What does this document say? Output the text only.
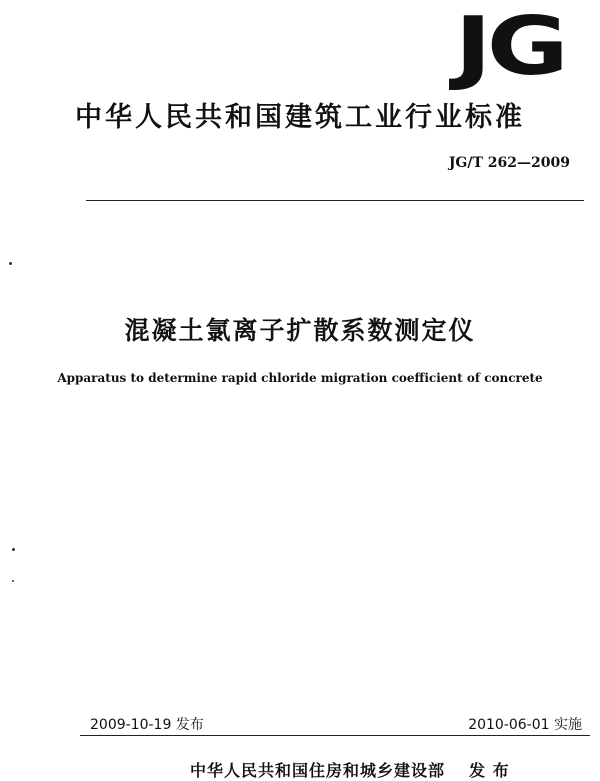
JG
中华人民共和国建筑工业行业标准
JG/T 262—2009
混凝土氯离子扩散系数测定仪
Apparatus to determine rapid chloride migration coefficient of concrete
2009-10-19 发布	2010-06-01 实施
中华人民共和国住房和城乡建设部 发 布
